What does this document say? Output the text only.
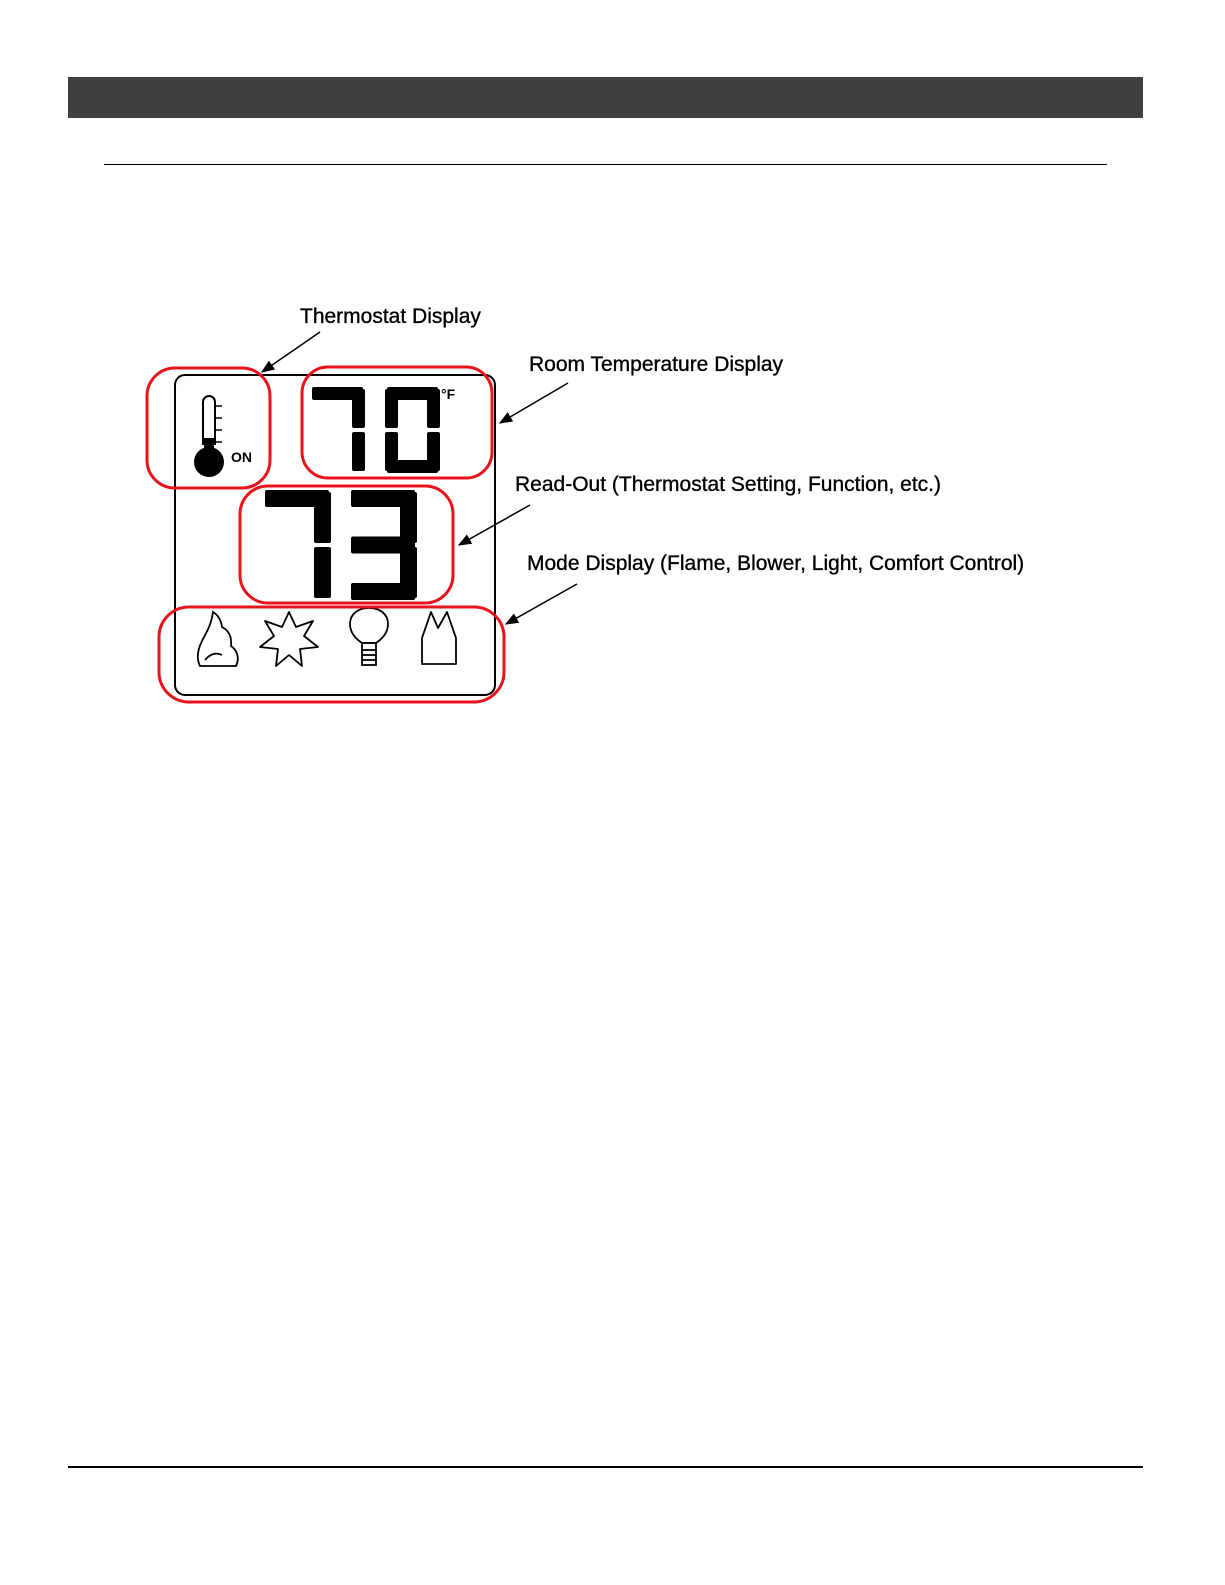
ON
°F
Thermostat Display
Room Temperature Display
Read-Out (Thermostat Setting, Function, etc.)
Mode Display (Flame, Blower, Light, Comfort Control)
